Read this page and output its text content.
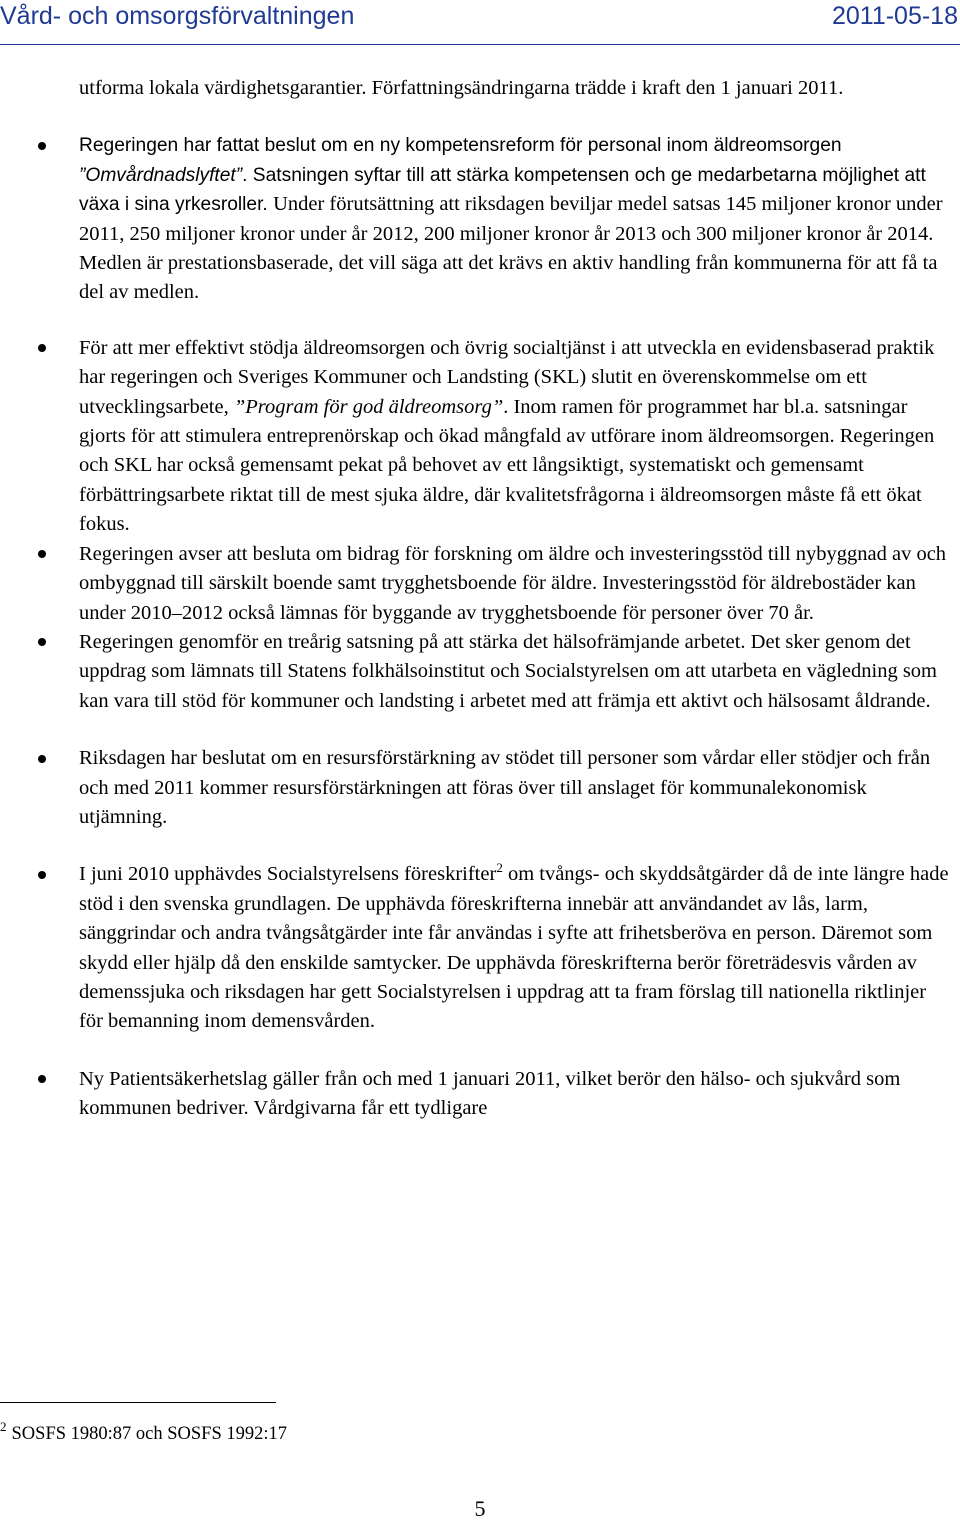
Vård- och omsorgsförvaltningen	2011-05-18

utforma lokala värdighetsgarantier. Författningsändringarna trädde i kraft den 1 januari 2011.

Regeringen har fattat beslut om en ny kompetensreform för personal inom äldreomsorgen ”Omvårdnadslyftet”. Satsningen syftar till att stärka kompetensen och ge medarbetarna möjlighet att växa i sina yrkesroller. Under förutsättning att riksdagen beviljar medel satsas 145 miljoner kronor under 2011, 250 miljoner kronor under år 2012, 200 miljoner kronor år 2013 och 300 miljoner kronor år 2014. Medlen är prestationsbaserade, det vill säga att det krävs en aktiv handling från kommunerna för att få ta del av medlen.

För att mer effektivt stödja äldreomsorgen och övrig socialtjänst i att utveckla en evidensbaserad praktik har regeringen och Sveriges Kommuner och Landsting (SKL) slutit en överenskommelse om ett utvecklingsarbete, ”Program för god äldreomsorg”. Inom ramen för programmet har bl.a. satsningar gjorts för att stimulera entreprenörskap och ökad mångfald av utförare inom äldreomsorgen. Regeringen och SKL har också gemensamt pekat på behovet av ett långsiktigt, systematiskt och gemensamt förbättringsarbete riktat till de mest sjuka äldre, där kvalitetsfrågorna i äldreomsorgen måste få ett ökat fokus.

Regeringen avser att besluta om bidrag för forskning om äldre och investeringsstöd till nybyggnad av och ombyggnad till särskilt boende samt trygghetsboende för äldre. Investeringsstöd för äldrebostäder kan under 2010–2012 också lämnas för byggande av trygghetsboende för personer över 70 år.

Regeringen genomför en treårig satsning på att stärka det hälsofrämjande arbetet. Det sker genom det uppdrag som lämnats till Statens folkhälsoinstitut och Socialstyrelsen om att utarbeta en vägledning som kan vara till stöd för kommuner och landsting i arbetet med att främja ett aktivt och hälsosamt åldrande.

Riksdagen har beslutat om en resursförstärkning av stödet till personer som vårdar eller stödjer och från och med 2011 kommer resursförstärkningen att föras över till anslaget för kommunalekonomisk utjämning.

I juni 2010 upphävdes Socialstyrelsens föreskrifter$^2$ om tvångs- och skyddsåtgärder då de inte längre hade stöd i den svenska grundlagen. De upphävda föreskrifterna innebär att användandet av lås, larm, sänggrindar och andra tvångsåtgärder inte får användas i syfte att frihetsberöva en person. Däremot som skydd eller hjälp då den enskilde samtycker. De upphävda föreskrifterna berör företrädesvis vården av demenssjuka och riksdagen har gett Socialstyrelsen i uppdrag att ta fram förslag till nationella riktlinjer för bemanning inom demensvården.

Ny Patientsäkerhetslag gäller från och med 1 januari 2011, vilket berör den hälso- och sjukvård som kommunen bedriver. Vårdgivarna får ett tydligare

$^2$ SOSFS 1980:87 och SOSFS 1992:17
5
